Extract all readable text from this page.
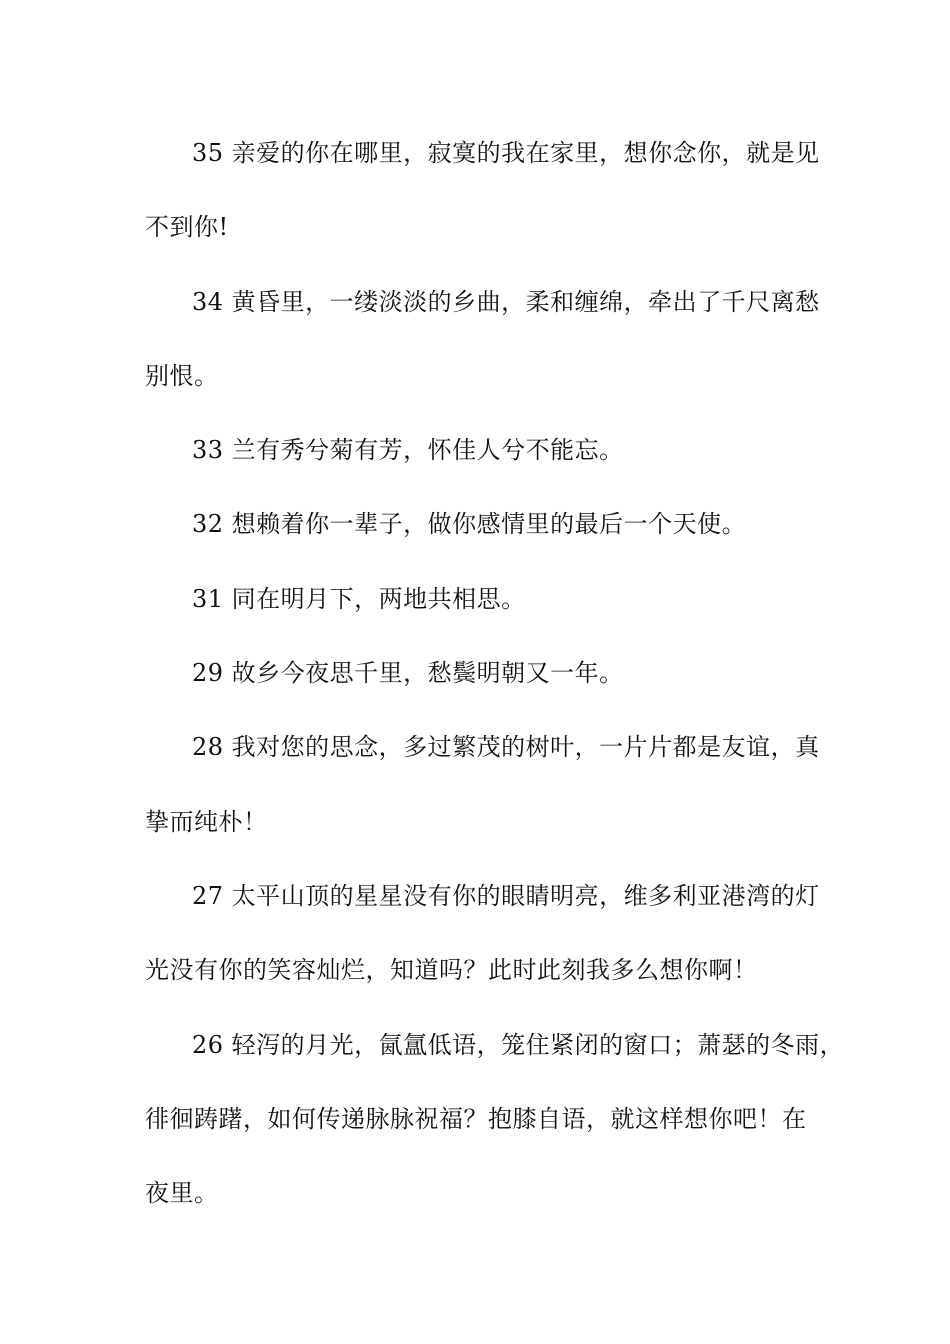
35 亲爱的你在哪里，寂寞的我在家里，想你念你，就是见
不到你!
34 黄昏里，一缕淡淡的乡曲，柔和缠绵，牵出了千尺离愁
别恨。
33 兰有秀兮菊有芳，怀佳人兮不能忘。
32 想赖着你一辈子，做你感情里的最后一个天使。
31 同在明月下，两地共相思。
29 故乡今夜思千里，愁鬓明朝又一年。
28 我对您的思念，多过繁茂的树叶，一片片都是友谊，真
挚而纯朴！
27 太平山顶的星星没有你的眼睛明亮，维多利亚港湾的灯
光没有你的笑容灿烂，知道吗？此时此刻我多么想你啊！
26 轻泻的月光，氤氲低语，笼住紧闭的窗口；萧瑟的冬雨，
徘徊踌躇，如何传递脉脉祝福？抱膝自语，就这样想你吧！在
夜里。
